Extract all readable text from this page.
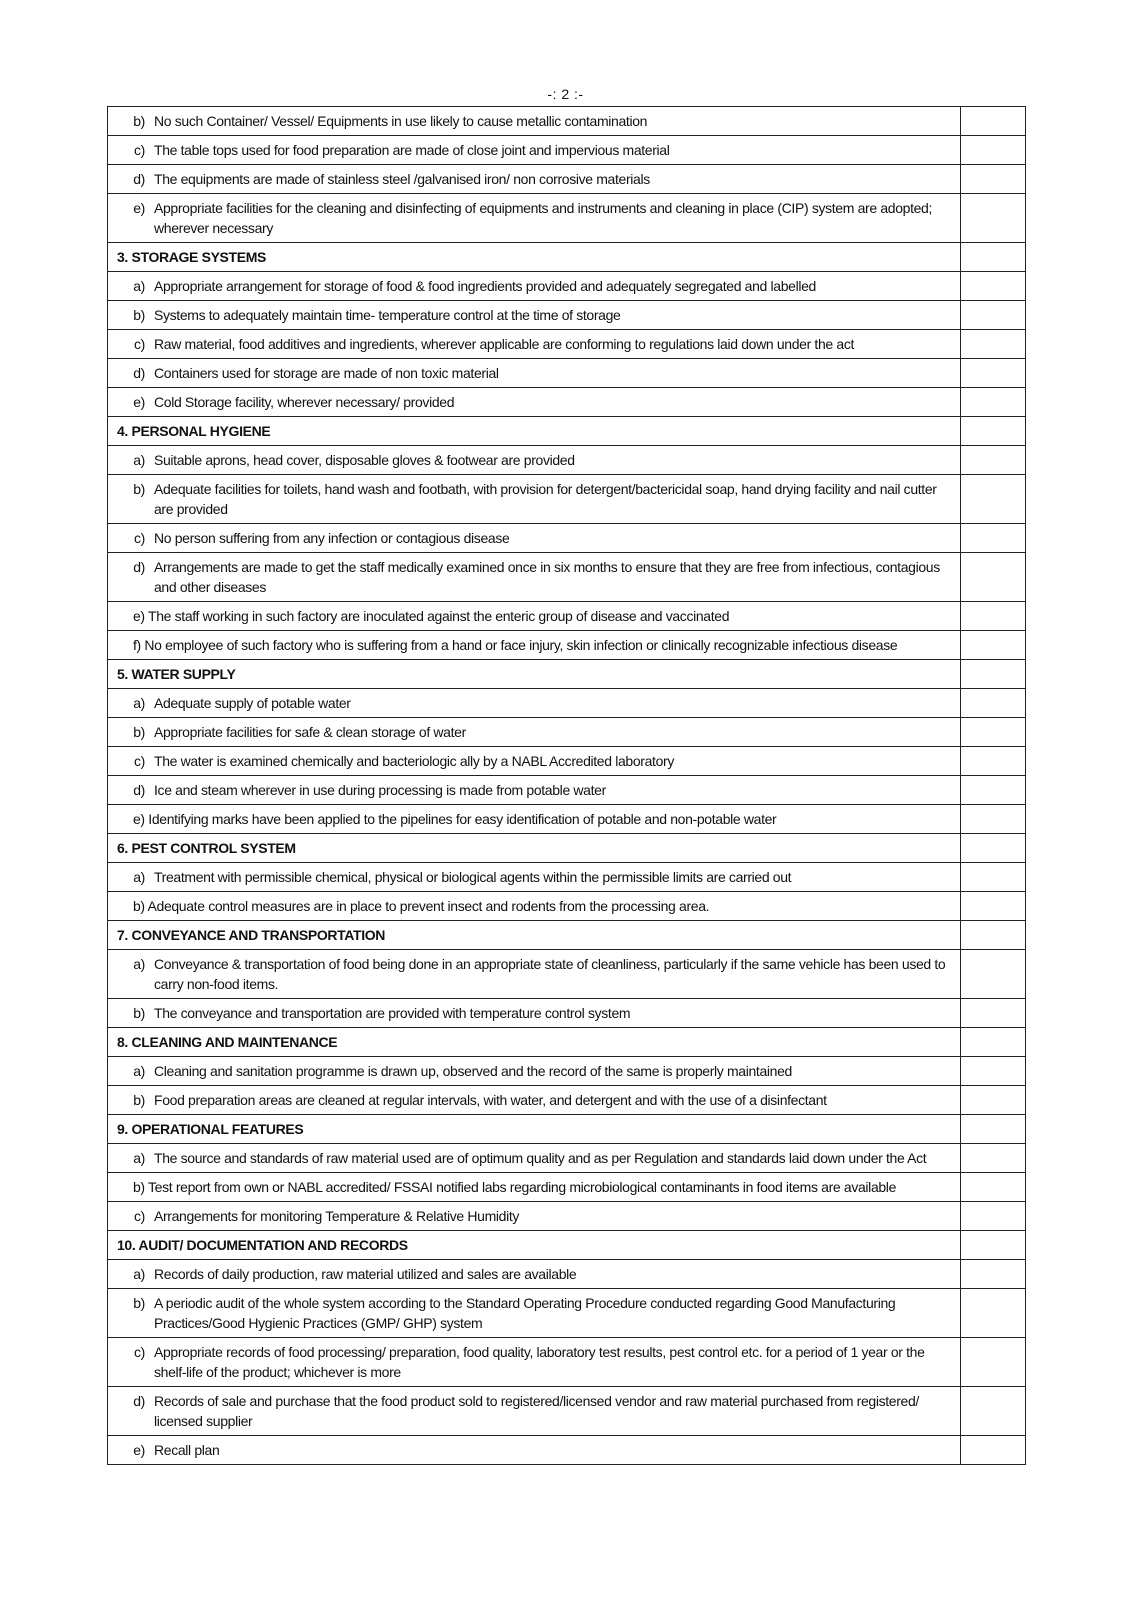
-: 2 :-
b) No such Container/ Vessel/ Equipments in use likely to cause metallic contamination	

c) The table tops used for food preparation are made of close joint and impervious material	

d) The equipments are made of stainless steel /galvanised iron/ non corrosive materials	

e) Appropriate facilities for the cleaning and disinfecting of equipments and instruments and cleaning in place (CIP) system are adopted; wherever necessary	

3. STORAGE SYSTEMS	

a) Appropriate arrangement for storage of food & food ingredients provided and adequately segregated and labelled	

b) Systems to adequately maintain time- temperature control at the time of storage	

c) Raw material, food additives and ingredients, wherever applicable are conforming to regulations laid down under the act	

d) Containers used for storage are made of non toxic material	

e) Cold Storage facility, wherever necessary/ provided	

4. PERSONAL HYGIENE	

a) Suitable aprons, head cover, disposable gloves & footwear are provided	

b) Adequate facilities for toilets, hand wash and footbath, with provision for detergent/bactericidal soap, hand drying facility and nail cutter are provided	

c) No person suffering from any infection or contagious disease	

d) Arrangements are made to get the staff medically examined once in six months to ensure that they are free from infectious, contagious and other diseases	

e) The staff working in such factory are inoculated against the enteric group of disease and vaccinated	

f) No employee of such factory who is suffering from a hand or face injury, skin infection or clinically recognizable infectious disease	

5. WATER SUPPLY	

a) Adequate supply of potable water	

b) Appropriate facilities for safe & clean storage of water	

c) The water is examined chemically and bacteriologic ally by a NABL Accredited laboratory	

d) Ice and steam wherever in use during processing is made from potable water	

e) Identifying marks have been applied to the pipelines for easy identification of potable and non-potable water	

6. PEST CONTROL SYSTEM	

a) Treatment with permissible chemical, physical or biological agents within the permissible limits are carried out	

b) Adequate control measures are in place to prevent insect and rodents from the processing area.	

7. CONVEYANCE AND TRANSPORTATION	

a) Conveyance & transportation of food being done in an appropriate state of cleanliness, particularly if the same vehicle has been used to carry non-food items.	

b) The conveyance and transportation are provided with temperature control system	

8. CLEANING AND MAINTENANCE	

a) Cleaning and sanitation programme is drawn up, observed and the record of the same is properly maintained	

b) Food preparation areas are cleaned at regular intervals, with water, and detergent and with the use of a disinfectant	

9. OPERATIONAL FEATURES	

a) The source and standards of raw material used are of optimum quality and as per Regulation and standards laid down under the Act	

b) Test report from own or NABL accredited/ FSSAI notified labs regarding microbiological contaminants in food items are available	

c) Arrangements for monitoring Temperature & Relative Humidity	

10. AUDIT/ DOCUMENTATION AND RECORDS	

a) Records of daily production, raw material utilized and sales are available	

b) A periodic audit of the whole system according to the Standard Operating Procedure conducted regarding Good Manufacturing Practices/Good Hygienic Practices (GMP/ GHP) system	

c) Appropriate records of food processing/ preparation, food quality, laboratory test results, pest control etc. for a period of 1 year or the shelf-life of the product; whichever is more	

d) Records of sale and purchase that the food product sold to registered/licensed vendor and raw material purchased from registered/ licensed supplier	

e) Recall plan	
